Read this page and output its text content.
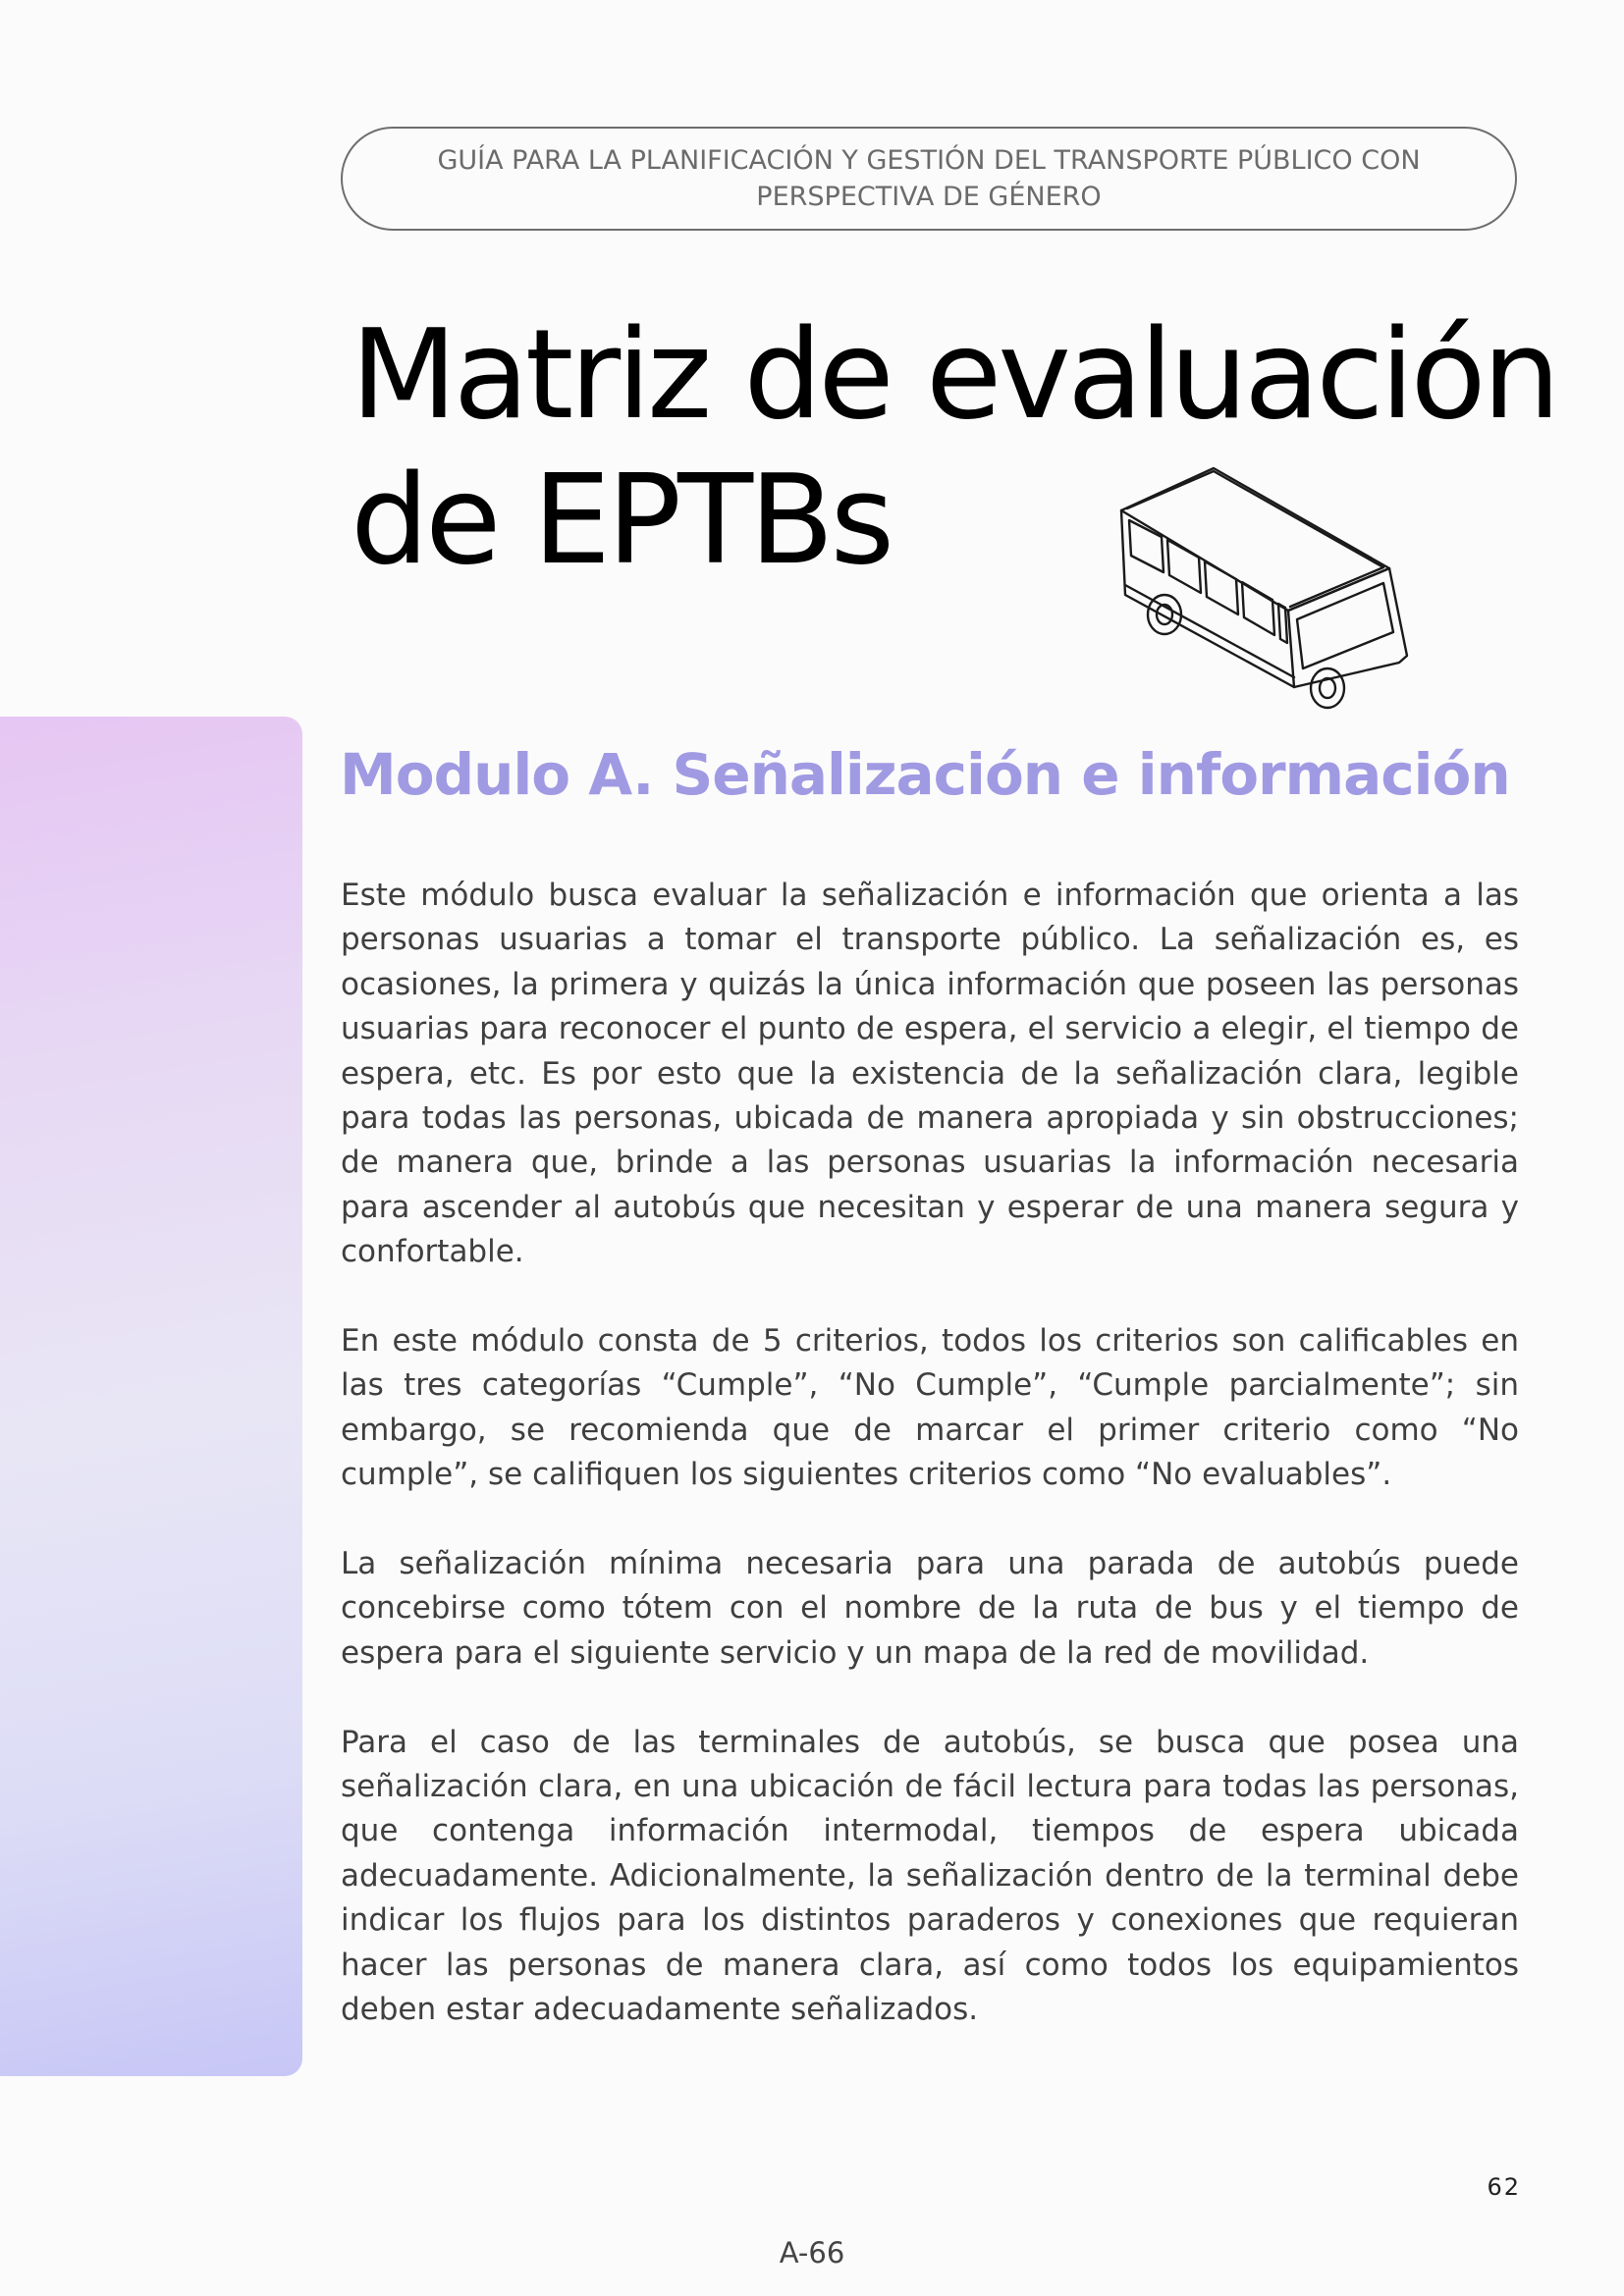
GUÍA PARA LA PLANIFICACIÓN Y GESTIÓN DEL TRANSPORTE PÚBLICO CON
PERSPECTIVA DE GÉNERO
Matriz de evaluación
de EPTBs
Modulo A. Señalización e información

Este módulo busca evaluar la señalización e información que orienta a las personas usuarias a tomar el transporte público. La señalización es, es ocasiones, la primera y quizás la única información que poseen las personas usuarias para reconocer el punto de espera, el servicio a elegir, el tiempo de espera, etc. Es por esto que la existencia de la señalización clara, legible para todas las personas, ubicada de manera apropiada y sin obstrucciones; de manera que, brinde a las personas usuarias la información necesaria para ascender al autobús que necesitan y esperar de una manera segura y confortable.

En este módulo consta de 5 criterios, todos los criterios son calificables en las tres categorías “Cumple”, “No Cumple”, “Cumple parcialmente”; sin embargo, se recomienda que de marcar el primer criterio como “No cumple”, se califiquen los siguientes criterios como “No evaluables”.

La señalización mínima necesaria para una parada de autobús puede concebirse como tótem con el nombre de la ruta de bus y el tiempo de espera para el siguiente servicio y un mapa de la red de movilidad.

Para el caso de las terminales de autobús, se busca que posea una señalización clara, en una ubicación de fácil lectura para todas las personas, que contenga información intermodal, tiempos de espera ubicada adecuadamente. Adicionalmente, la señalización dentro de la terminal debe indicar los flujos para los distintos paraderos y conexiones que requieran hacer las personas de manera clara, así como todos los equipamientos deben estar adecuadamente señalizados.

62
A-66
